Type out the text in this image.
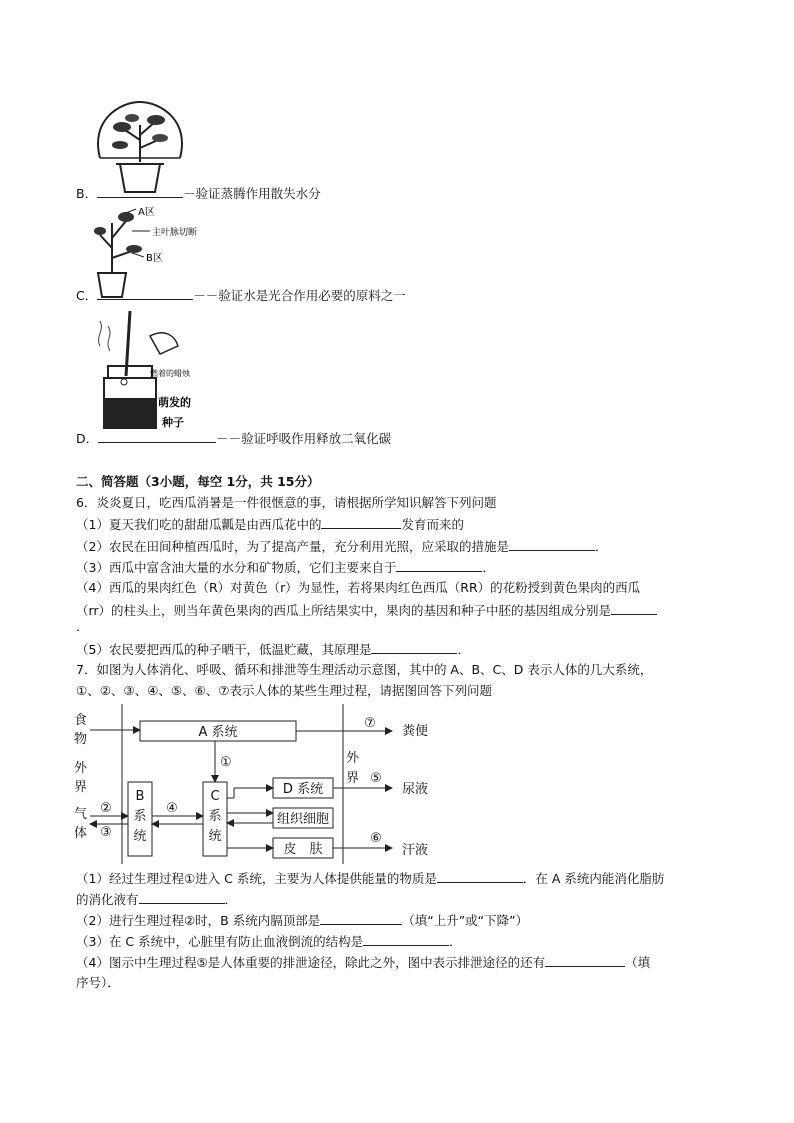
B．	－验证蒸腾作用散失水分
A区
主叶脉切断
B区
C．	－－验证水是光合作用必要的原料之一
燃着的蜡烛
萌发的
种子
D．	－－验证呼吸作用释放二氧化碳
二、简答题（3小题，每空 1分，共 15分）
6．炎炎夏日，吃西瓜消暑是一件很惬意的事，请根据所学知识解答下列问题
（1）夏天我们吃的甜甜瓜瓤是由西瓜花中的	发育而来的
（2）农民在田间种植西瓜时，为了提高产量，充分利用光照，应采取的措施是	．
（3）西瓜中富含油大量的水分和矿物质，它们主要来自于	．
（4）西瓜的果肉红色（R）对黄色（r）为显性，若将果肉红色西瓜（RR）的花粉授到黄色果肉的西瓜
（rr）的柱头上，则当年黄色果肉的西瓜上所结果实中，果肉的基因和种子中胚的基因组成分别是
．
（5）农民要把西瓜的种子晒干，低温贮藏，其原理是	．
7．如图为人体消化、呼吸、循环和排泄等生理活动示意图，其中的 A、B、C、D 表示人体的几大系统，
①、②、③、④、⑤、⑥、⑦表示人体的某些生理过程，请据图回答下列问题
食
物
外
界
气
体
A 系统
⑦
粪便
外
界
①
B
系
统
②
③
④
C
系
统
D 系统
⑤
尿液
组织细胞
皮　肤
⑥
汗液
（1）经过生理过程①进入 C 系统，主要为人体提供能量的物质是	．在 A 系统内能消化脂肪
的消化液有	．
（2）进行生理过程②时，B 系统内膈顶部是	（填“上升”或“下降”）
（3）在 C 系统中，心脏里有防止血液倒流的结构是	．
（4）图示中生理过程⑤是人体重要的排泄途径，除此之外，图中表示排泄途径的还有	（填
序号）．
